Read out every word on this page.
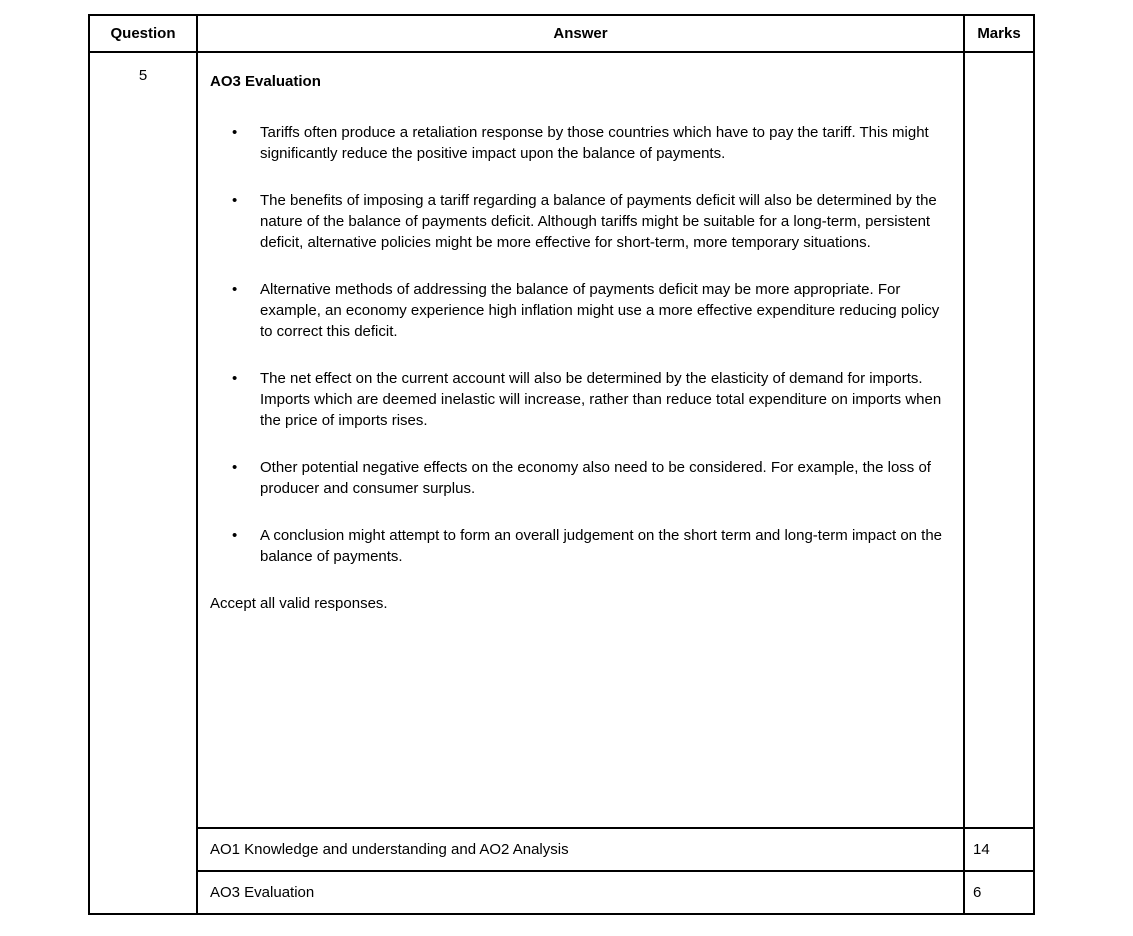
Question	Answer	Marks
5	AO3 Evaluation

•	Tariffs often produce a retaliation response by those countries which have to pay the tariff. This might significantly reduce the positive impact upon the balance of payments.
•	The benefits of imposing a tariff regarding a balance of payments deficit will also be determined by the nature of the balance of payments deficit. Although tariffs might be suitable for a long-term, persistent deficit, alternative policies might be more effective for short-term, more temporary situations.
•	Alternative methods of addressing the balance of payments deficit may be more appropriate. For example, an economy experience high inflation might use a more effective expenditure reducing policy to correct this deficit.
•	The net effect on the current account will also be determined by the elasticity of demand for imports. Imports which are deemed inelastic will increase, rather than reduce total expenditure on imports when the price of imports rises.
•	Other potential negative effects on the economy also need to be considered. For example, the loss of producer and consumer surplus.
•	A conclusion might attempt to form an overall judgement on the short term and long-term impact on the balance of payments.

Accept all valid responses.

	AO1 Knowledge and understanding and AO2 Analysis	14
	AO3 Evaluation	6
